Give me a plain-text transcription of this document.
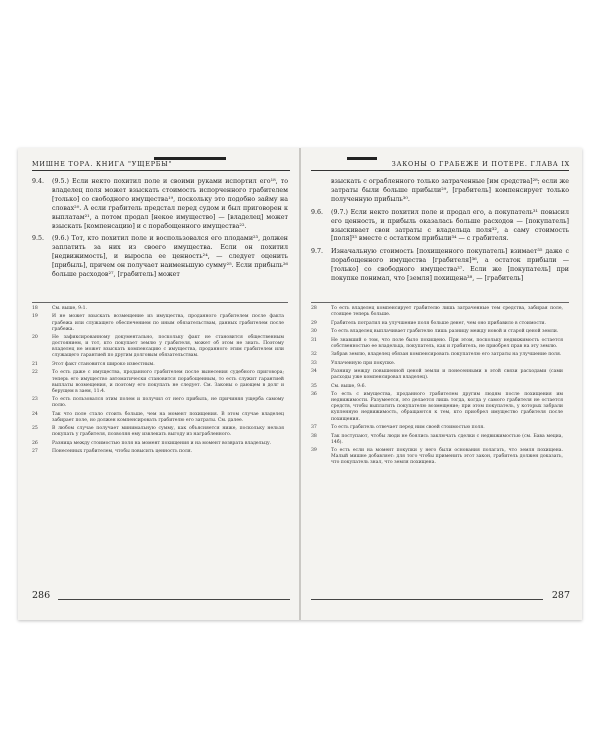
МИШНЕ ТОРА. КНИГА "УЩЕРБЫ"
9.4. (9.5.) Если некто похитил поле и своими руками испортил его¹⁸, то владелец поля может взыскать стоимость испорченного грабителем [только] со свободного имущества¹⁹, поскольку это подобно займу на словах²⁰. А если грабитель предстал перед судом и был приговорен к выплатам²¹, а потом продал [некое имущество] — [владелец] может взыскать [компенсацию] и с порабощенного имущества²².
9.5. (9.6.) Тот, кто похитил поле и воспользовался его плодами²³, должен заплатить за них из своего имущества. Если он похитил [недвижимость], и выросла ее ценность²⁴, — следует оценить [прибыль], причем он получает наименьшую сумму²⁵. Если прибыль²⁶ больше расходов²⁷, [грабитель] может
18	См. выше, 9:1.
19	И не может взыскать возмещение из имущества, проданного грабителем после факта грабежа или служащего обеспечением по иным обязательствам, данных грабителем после грабежа.
20	Не зафиксированному документально, поскольку факт не становится общественным достоянием, и тот, кто покупает землю у грабителя, может об этом не знать. Поэтому владелец не может взыскать компенсацию с имущества, проданного этим грабителем или служащего гарантией по другим долговым обязательствам.
21	Этот факт становится широко известным.
22	То есть даже с имущества, проданного грабителем после вынесения судебного приговора; теперь его имущество автоматически становится порабощенным, то есть служит гарантией выплаты возмещения, и поэтому его покупать не следует. См. Законы о дающем в долг и берущем в заем, 11:4.
23	То есть пользовался этим полем и получил от него прибыль, не причиняя ущерба самому полю.
24	Так что поле стало стоить больше, чем на момент похищения. В этом случае владелец забирает поле, но должен компенсировать грабителю его затраты. См. далее.
25	В любом случае получает минимальную сумму, как объясняется ниже, поскольку нельзя покупать у грабителя, позволяя ему извлекать выгоду из награбленного.
26	Разница между стоимостью поля на момент похищения и на момент возврата владельцу.
27	Понесенных грабителем, чтобы повысить ценность поля.
286
ЗАКОНЫ О ГРАБЕЖЕ И ПОТЕРЕ. ГЛАВА IX
взыскать с ограбленного только затраченные [им средства]²⁸; если же затраты были больше прибыли²⁹, [грабитель] компенсирует только полученную прибыль³⁰.
9.6. (9.7.) Если некто похитил поле и продал его, а покупатель³¹ повысил его ценность, и прибыль оказалась больше расходов — [покупатель] взыскивает свои затраты с владельца поля³², а саму стоимость [поля]³³ вместе с остатком прибыли³⁴ — с грабителя.
9.7. Изначальную стоимость [похищенного покупатель] взимает³⁵ даже с порабощенного имущества [грабителя]³⁶, а остаток прибыли — [только] со свободного имущества³⁷. Если же [покупатель] при покупке понимал, что [земля] похищена³⁸, — [грабитель]
28	То есть владелец компенсирует грабителю лишь затраченные тем средства, забирая поле, стоящее теперь больше.
29	Грабитель потратил на улучшение поля больше денег, чем оно прибавило в стоимости.
30	То есть владелец выплачивает грабителю лишь разницу между новой и старой ценой земли.
31	Не знавший о том, что поле было похищено. При этом, поскольку недвижимость остается собственностью ее владельца, покупатель, как и грабитель, не приобрел прав на эту землю.
32	Забрав землю, владелец обязан компенсировать покупателю его затраты на улучшение поля.
33	Уплаченную при покупке.
34	Разницу между повышенной ценой земли и понесенными в этой связи расходами (сами расходы уже компенсировал владелец).
35	См. выше, 9:6.
36	То есть с имущества, проданного грабителем другим людям после похищения им недвижимости. Разумеется, это делается лишь тогда, когда у самого грабителя не остается средств, чтобы выплатить покупателю возмещение; при этом покупатель, у которых забрали купленную недвижимость, обращаются к тем, кто приобрел имущество грабителя после похищения.
37	То есть грабитель отвечает перед ним своей стоимостью поля.
38	Так поступают, чтобы люди не боялись заключать сделки с недвижимостью (см. Бава мециа, 14б).
39	То есть если на момент покупки у него были основания полагать, что земля похищена. Малый мишне добавляет: для того чтобы применить этот закон, грабитель должен доказать, что покупатель знал, что земля похищена.
287
